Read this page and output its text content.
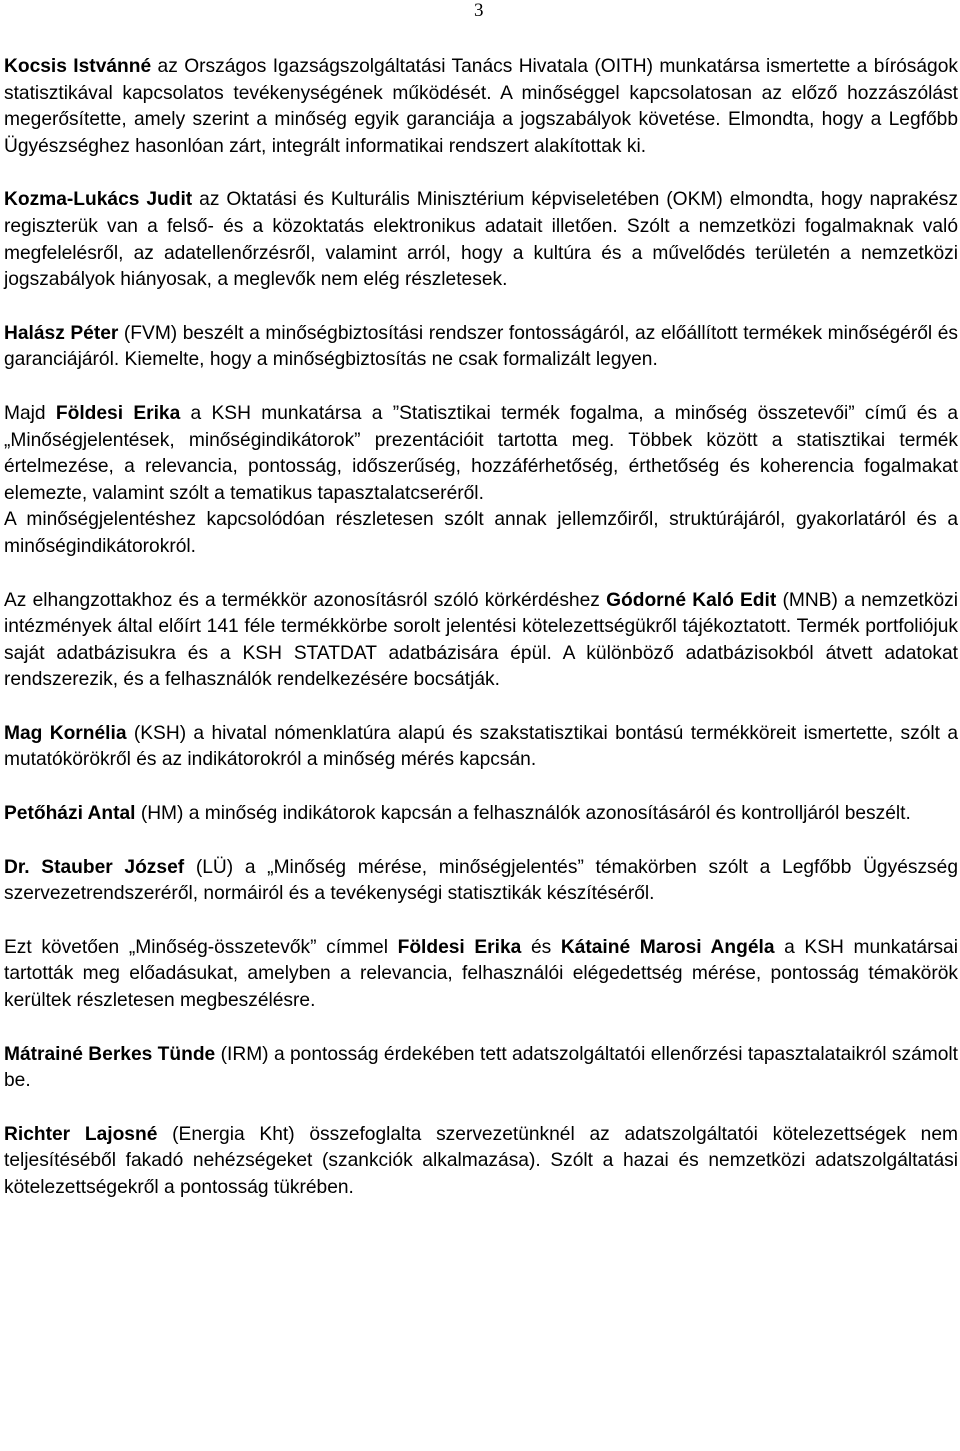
3

Kocsis Istvánné az Országos Igazságszolgáltatási Tanács Hivatala (OITH) munkatársa ismertette a bíróságok statisztikával kapcsolatos tevékenységének működését. A minőséggel kapcsolatosan az előző hozzászólást megerősítette, amely szerint a minőség egyik garanciája a jogszabályok követése. Elmondta, hogy a Legfőbb Ügyészséghez hasonlóan zárt, integrált informatikai rendszert alakítottak ki.

Kozma-Lukács Judit az Oktatási és Kulturális Minisztérium képviseletében (OKM) elmondta, hogy naprakész regiszterük van a felső- és a közoktatás elektronikus adatait illetően. Szólt a nemzetközi fogalmaknak való megfelelésről, az adatellenőrzésről, valamint arról, hogy a kultúra és a művelődés területén a nemzetközi jogszabályok hiányosak, a meglevők nem elég részletesek.

Halász Péter (FVM) beszélt a minőségbiztosítási rendszer fontosságáról, az előállított termékek minőségéről és garanciájáról. Kiemelte, hogy a minőségbiztosítás ne csak formalizált legyen.

Majd Földesi Erika a KSH munkatársa a ”Statisztikai termék fogalma, a minőség összetevői” című és a „Minőségjelentések, minőségindikátorok” prezentációit tartotta meg. Többek között a statisztikai termék értelmezése, a relevancia, pontosság, időszerűség, hozzáférhetőség, érthetőség és koherencia fogalmakat elemezte, valamint szólt a tematikus tapasztalatcseréről.

A minőségjelentéshez kapcsolódóan részletesen szólt annak jellemzőiről, struktúrájáról, gyakorlatáról és a minőségindikátorokról.

Az elhangzottakhoz és a termékkör azonosításról szóló körkérdéshez Gódorné Kaló Edit (MNB) a nemzetközi intézmények által előírt 141 féle termékkörbe sorolt jelentési kötelezettségükről tájékoztatott. Termék portfoliójuk saját adatbázisukra és a KSH STATDAT adatbázisára épül. A különböző adatbázisokból átvett adatokat rendszerezik, és a felhasználók rendelkezésére bocsátják.

Mag Kornélia (KSH) a hivatal nómenklatúra alapú és szakstatisztikai bontású termékköreit ismertette, szólt a mutatókörökről és az indikátorokról a minőség mérés kapcsán.

Petőházi Antal (HM) a minőség indikátorok kapcsán a felhasználók azonosításáról és kontrolljáról beszélt.

Dr. Stauber József (LÜ) a „Minőség mérése, minőségjelentés” témakörben szólt a Legfőbb Ügyészség szervezetrendszeréről, normáiról és a tevékenységi statisztikák készítéséről.

Ezt követően „Minőség-összetevők” címmel Földesi Erika és Kátainé Marosi Angéla a KSH munkatársai tartották meg előadásukat, amelyben a relevancia, felhasználói elégedettség mérése, pontosság témakörök kerültek részletesen megbeszélésre.

Mátrainé Berkes Tünde (IRM) a pontosság érdekében tett adatszolgáltatói ellenőrzési tapasztalataikról számolt be.

Richter Lajosné (Energia Kht) összefoglalta szervezetünknél az adatszolgáltatói kötelezettségek nem teljesítéséből fakadó nehézségeket (szankciók alkalmazása). Szólt a hazai és nemzetközi adatszolgáltatási kötelezettségekről a pontosság tükrében.
